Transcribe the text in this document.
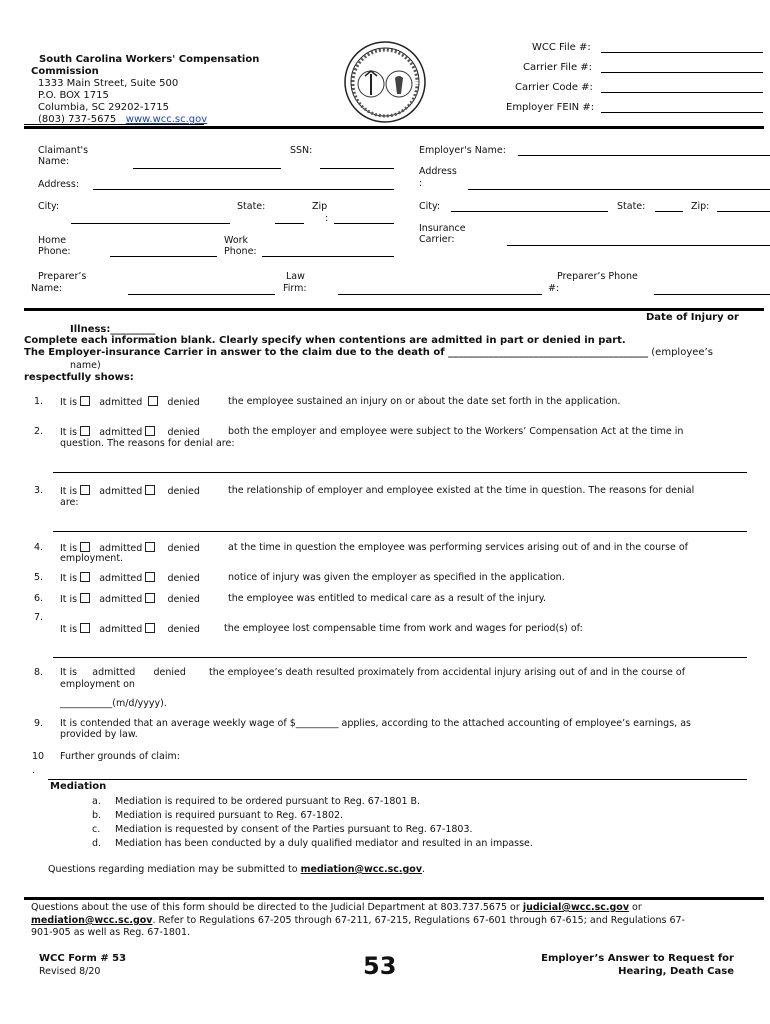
South Carolina Workers' Compensation
Commission
1333 Main Street, Suite 500
P.O. BOX 1715
Columbia, SC 29202-1715
(803) 737-5675 www.wcc.sc.gov
WCC File #:
Carrier File #:
Carrier Code #:
Employer FEIN #:
Claimant's
Name:
SSN:	Employer's Name:
Address:
Address
:
City:	State:	Zip
:
City:	State:	Zip:
Home
Phone:
Work
Phone:
Insurance
Carrier:
Preparer’s
Name:
Law
Firm:
Preparer’s Phone
#:
Date of Injury or
Illness:_________
Complete each information blank. Clearly specify when contentions are admitted in part or denied in part.
The Employer-insurance Carrier in answer to the claim due to the death of ________________________________________ (employee’s
name)
respectfully shows:
1. It is admitted	denied	the employee sustained an injury on or about the date set forth in the application.
2. It is admitted	denied	both the employer and employee were subject to the Workers’ Compensation Act at the time in
question. The reasons for denial are:
3. It is admitted	denied	the relationship of employer and employee existed at the time in question. The reasons for denial
are:
4. It is admitted	denied	at the time in question the employee was performing services arising out of and in the course of
employment.
5. It is admitted	denied	notice of injury was given the employer as specified in the application.
6. It is admitted	denied	the employee was entitled to medical care as a result of the injury.
7.
It is admitted	denied	the employee lost compensable time from work and wages for period(s) of:
8. It is admitted denied the employee’s death resulted proximately from accidental injury arising out of and in the course of
employment on
___________(m/d/yyyy).
9. It is contended that an average weekly wage of $_________ applies, according to the attached accounting of employee’s earnings, as
provided by law.
10
.
Further grounds of claim:
Mediation
a. Mediation is required to be ordered pursuant to Reg. 67-1801 B.
b. Mediation is required pursuant to Reg. 67-1802.
c. Mediation is requested by consent of the Parties pursuant to Reg. 67-1803.
d. Mediation has been conducted by a duly qualified mediator and resulted in an impasse.
Questions regarding mediation may be submitted to mediation@wcc.sc.gov.
Questions about the use of this form should be directed to the Judicial Department at 803.737.5675 or judicial@wcc.sc.gov or
mediation@wcc.sc.gov. Refer to Regulations 67-205 through 67-211, 67-215, Regulations 67-601 through 67-615; and Regulations 67-
901-905 as well as Reg. 67-1801.
WCC Form # 53
Revised 8/20	53	Employer’s Answer to Request for
Hearing, Death Case
